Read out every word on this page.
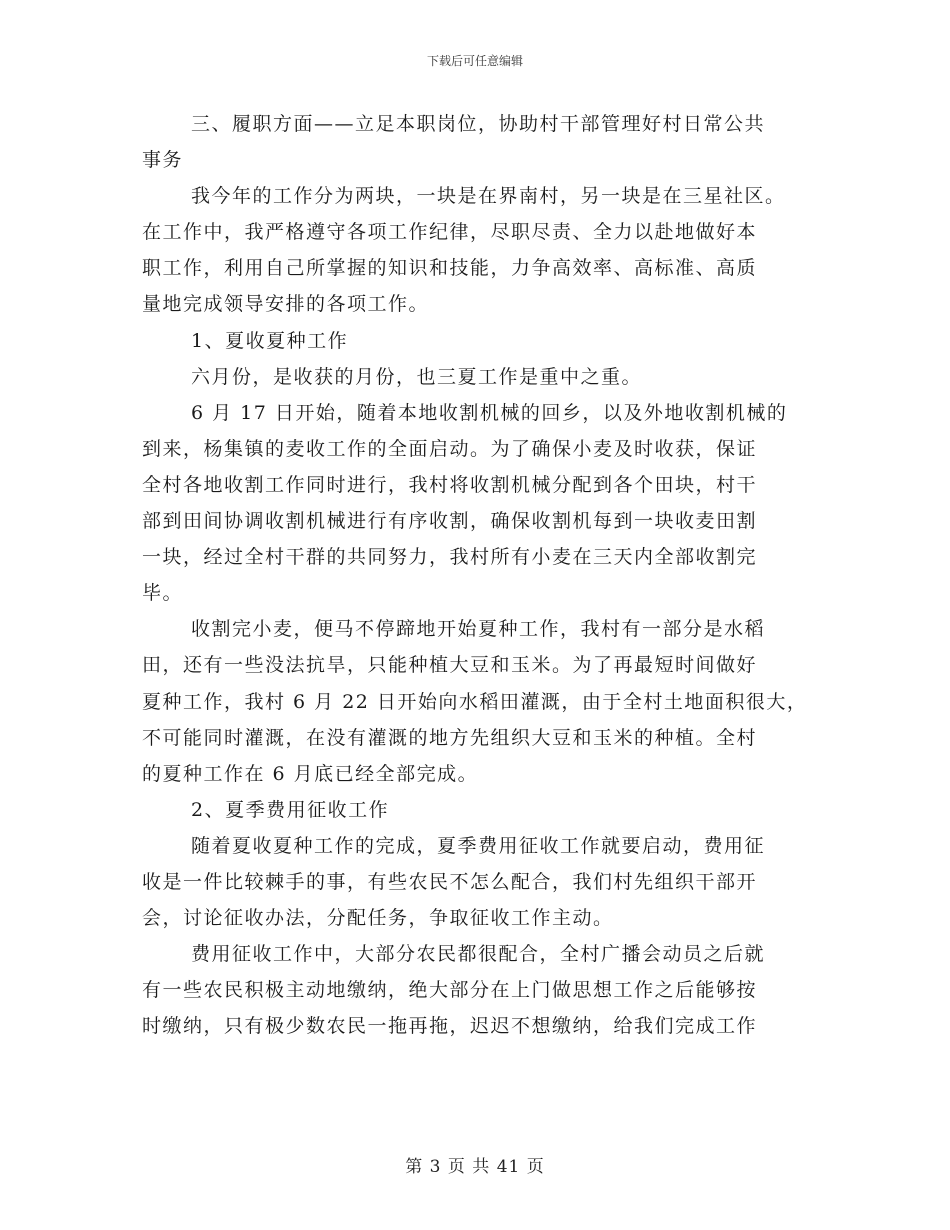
下载后可任意编辑
三、履职方面——立足本职岗位，协助村干部管理好村日常公共
事务
我今年的工作分为两块，一块是在界南村，另一块是在三星社区。
在工作中，我严格遵守各项工作纪律，尽职尽责、全力以赴地做好本
职工作，利用自己所掌握的知识和技能，力争高效率、高标准、高质
量地完成领导安排的各项工作。
1、夏收夏种工作
六月份，是收获的月份，也三夏工作是重中之重。
6 月 17 日开始，随着本地收割机械的回乡，以及外地收割机械的
到来，杨集镇的麦收工作的全面启动。为了确保小麦及时收获，保证
全村各地收割工作同时进行，我村将收割机械分配到各个田块，村干
部到田间协调收割机械进行有序收割，确保收割机每到一块收麦田割
一块，经过全村干群的共同努力，我村所有小麦在三天内全部收割完
毕。
收割完小麦，便马不停蹄地开始夏种工作，我村有一部分是水稻
田，还有一些没法抗旱，只能种植大豆和玉米。为了再最短时间做好
夏种工作，我村 6 月 22 日开始向水稻田灌溉，由于全村土地面积很大，
不可能同时灌溉，在没有灌溉的地方先组织大豆和玉米的种植。全村
的夏种工作在 6 月底已经全部完成。
2、夏季费用征收工作
随着夏收夏种工作的完成，夏季费用征收工作就要启动，费用征
收是一件比较棘手的事，有些农民不怎么配合，我们村先组织干部开
会，讨论征收办法，分配任务，争取征收工作主动。
费用征收工作中，大部分农民都很配合，全村广播会动员之后就
有一些农民积极主动地缴纳，绝大部分在上门做思想工作之后能够按
时缴纳，只有极少数农民一拖再拖，迟迟不想缴纳，给我们完成工作
第 3 页 共 41 页
